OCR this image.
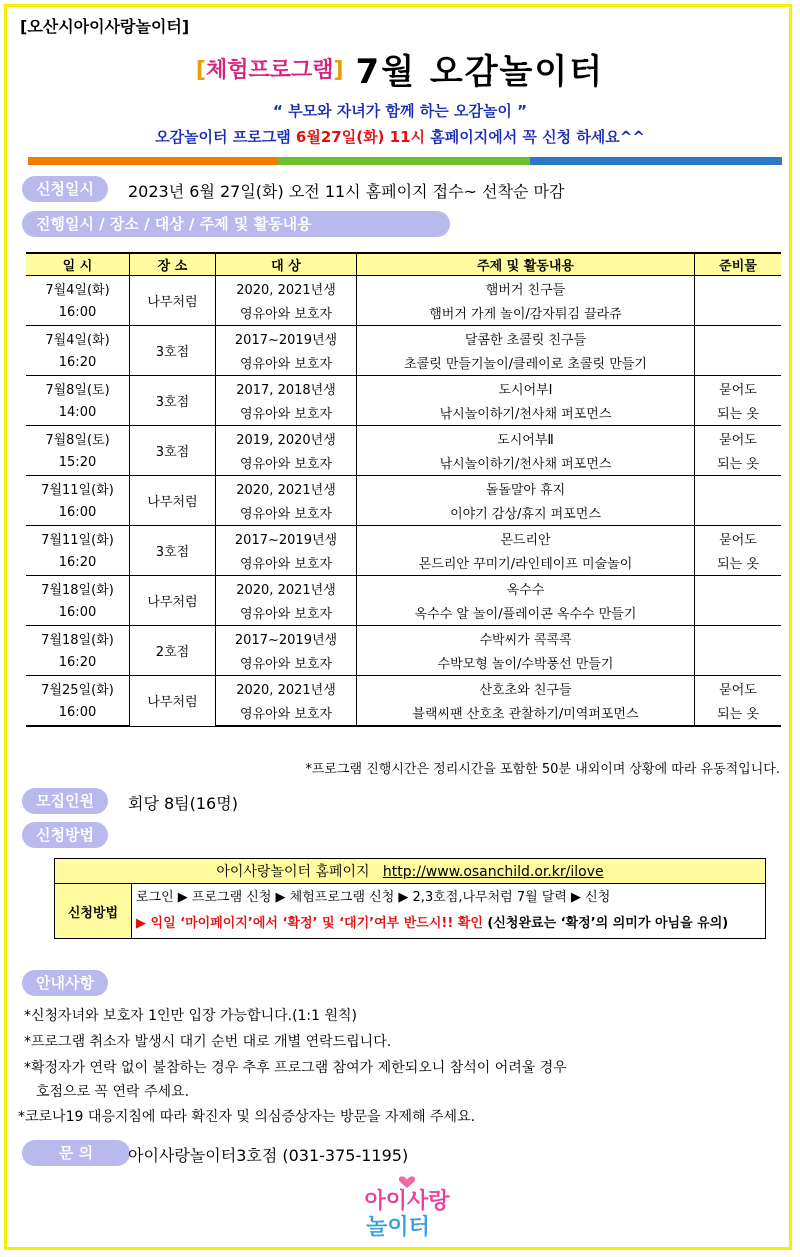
[오산시아이사랑놀이터]
[체험프로그램] 7월 오감놀이터
“ 부모와 자녀가 함께 하는 오감놀이 ”
오감놀이터 프로그램 6월27일(화) 11시 홈페이지에서 꼭 신청 하세요^^
신청일시	2023년 6월 27일(화) 오전 11시 홈페이지 접수~ 선착순 마감
진행일시 / 장소 / 대상 / 주제 및 활동내용
일 시	장 소	대 상	주제 및 활동내용	준비물
7월4일(화)	나무처럼	2020, 2021년생	햄버거 친구들	
16:00		영유아와 보호자	햄버거 가게 놀이/감자튀김 끌라쥬	
7월4일(화)	3호점	2017~2019년생	달콤한 초콜릿 친구들	
16:20		영유아와 보호자	초콜릿 만들기놀이/클레이로 초콜릿 만들기	
7월8일(토)	3호점	2017, 2018년생	도시어부Ⅰ	묻어도
14:00		영유아와 보호자	낚시놀이하기/천사채 퍼포먼스	되는 옷
7월8일(토)	3호점	2019, 2020년생	도시어부Ⅱ	묻어도
15:20		영유아와 보호자	낚시놀이하기/천사채 퍼포먼스	되는 옷
7월11일(화)	나무처럼	2020, 2021년생	돌돌말아 휴지	
16:00		영유아와 보호자	이야기 감상/휴지 퍼포먼스	
7월11일(화)	3호점	2017~2019년생	몬드리안	묻어도
16:20		영유아와 보호자	몬드리안 꾸미기/라인테이프 미술놀이	되는 옷
7월18일(화)	나무처럼	2020, 2021년생	옥수수	
16:00		영유아와 보호자	옥수수 알 놀이/플레이콘 옥수수 만들기	
7월18일(화)	2호점	2017~2019년생	수박씨가 콕콕콕	
16:20		영유아와 보호자	수박모형 놀이/수박풍선 만들기	
7월25일(화)	나무처럼	2020, 2021년생	산호초와 친구들	묻어도
16:00		영유아와 보호자	블랙씨팬 산호초 관찰하기/미역퍼포먼스	되는 옷
*프로그램 진행시간은 정리시간을 포함한 50분 내외이며 상황에 따라 유동적입니다.
모집인원	회당 8팀(16명)
신청방법
아이사랑놀이터 홈페이지 http://www.osanchild.or.kr/ilove
신청방법	로그인 ▶ 프로그램 신청 ▶ 체험프로그램 신청 ▶ 2,3호점,나무처럼 7월 달력 ▶ 신청
▶ 익일 ‘마이페이지’에서 ‘확정’ 및 ‘대기’여부 반드시!! 확인 (신청완료는 ‘확정’의 의미가 아님을 유의)
안내사항
*신청자녀와 보호자 1인만 입장 가능합니다.(1:1 원칙)
*프로그램 취소자 발생시 대기 순번 대로 개별 연락드립니다.
*확정자가 연락 없이 불참하는 경우 추후 프로그램 참여가 제한되오니 참석이 어려울 경우
호점으로 꼭 연락 주세요.
*코로나19 대응지침에 따라 확진자 및 의심증상자는 방문을 자제해 주세요.
문 의	아이사랑놀이터3호점 (031-375-1195)
아이사랑
놀이터
